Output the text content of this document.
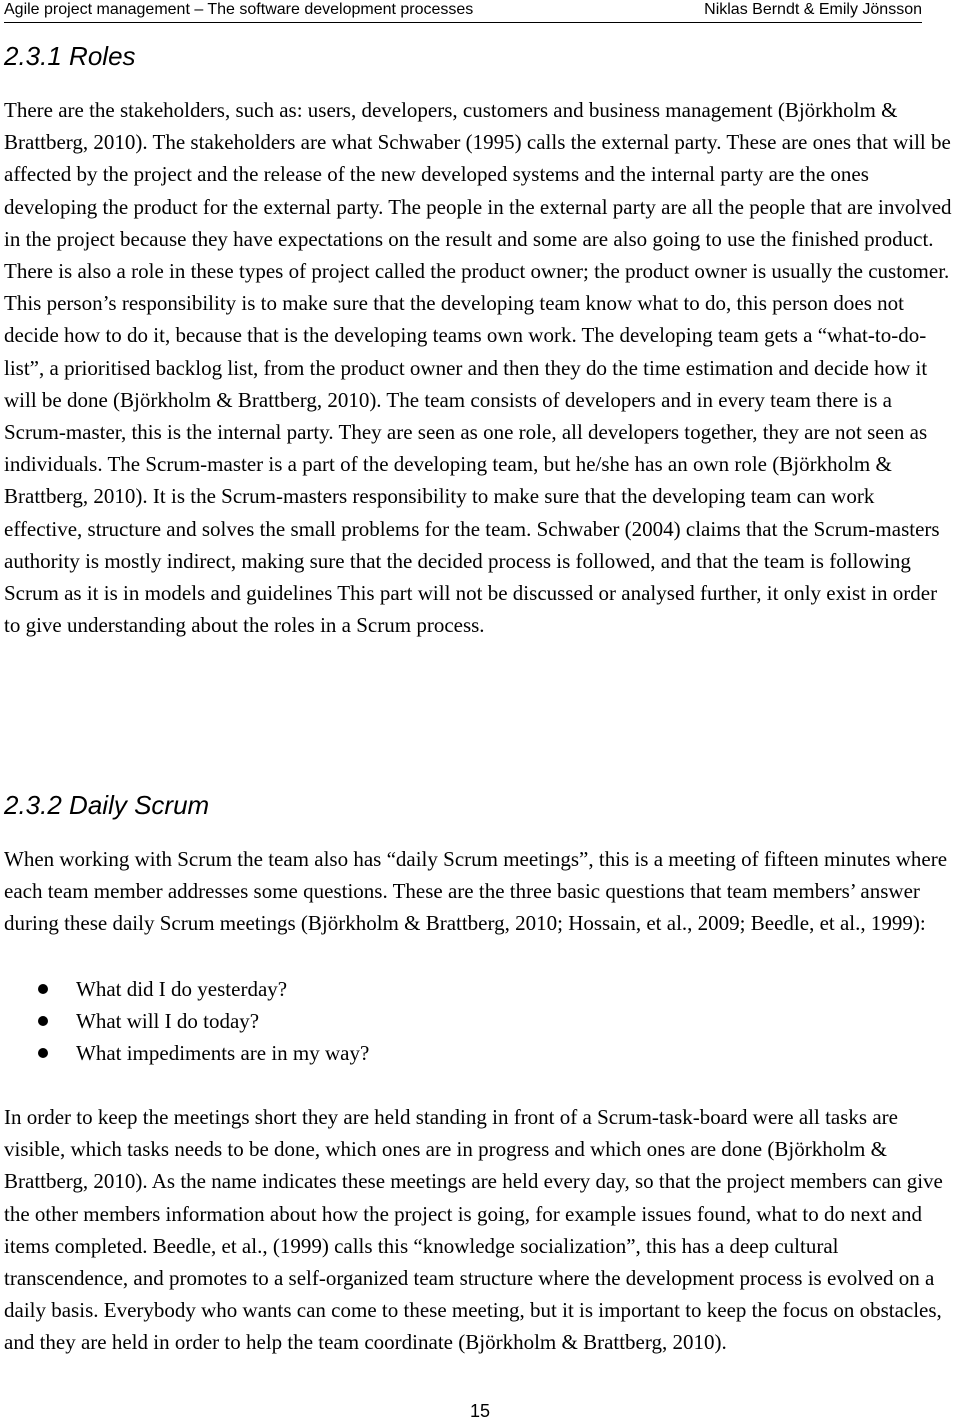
Agile project management – The software development processes	Niklas Berndt & Emily Jönsson
2.3.1 Roles

There are the stakeholders, such as: users, developers, customers and business management (Björkholm & Brattberg, 2010). The stakeholders are what Schwaber (1995) calls the external party. These are ones that will be affected by the project and the release of the new developed systems and the internal party are the ones developing the product for the external party. The people in the external party are all the people that are involved in the project because they have expectations on the result and some are also going to use the finished product. There is also a role in these types of project called the product owner; the product owner is usually the customer. This person’s responsibility is to make sure that the developing team know what to do, this person does not decide how to do it, because that is the developing teams own work. The developing team gets a “what-to-do-list”, a prioritised backlog list, from the product owner and then they do the time estimation and decide how it will be done (Björkholm & Brattberg, 2010). The team consists of developers and in every team there is a Scrum-master, this is the internal party. They are seen as one role, all developers together, they are not seen as individuals. The Scrum-master is a part of the developing team, but he/she has an own role (Björkholm & Brattberg, 2010). It is the Scrum-masters responsibility to make sure that the developing team can work effective, structure and solves the small problems for the team. Schwaber (2004) claims that the Scrum-masters authority is mostly indirect, making sure that the decided process is followed, and that the team is following Scrum as it is in models and guidelines This part will not be discussed or analysed further, it only exist in order to give understanding about the roles in a Scrum process.

2.3.2 Daily Scrum

When working with Scrum the team also has “daily Scrum meetings”, this is a meeting of fifteen minutes where each team member addresses some questions. These are the three basic questions that team members’ answer during these daily Scrum meetings (Björkholm & Brattberg, 2010; Hossain, et al., 2009; Beedle, et al., 1999):

What did I do yesterday?
What will I do today?
What impediments are in my way?

In order to keep the meetings short they are held standing in front of a Scrum-task-board were all tasks are visible, which tasks needs to be done, which ones are in progress and which ones are done (Björkholm & Brattberg, 2010). As the name indicates these meetings are held every day, so that the project members can give the other members information about how the project is going, for example issues found, what to do next and items completed. Beedle, et al., (1999) calls this “knowledge socialization”, this has a deep cultural transcendence, and promotes to a self-organized team structure where the development process is evolved on a daily basis. Everybody who wants can come to these meeting, but it is important to keep the focus on obstacles, and they are held in order to help the team coordinate (Björkholm & Brattberg, 2010).

15
